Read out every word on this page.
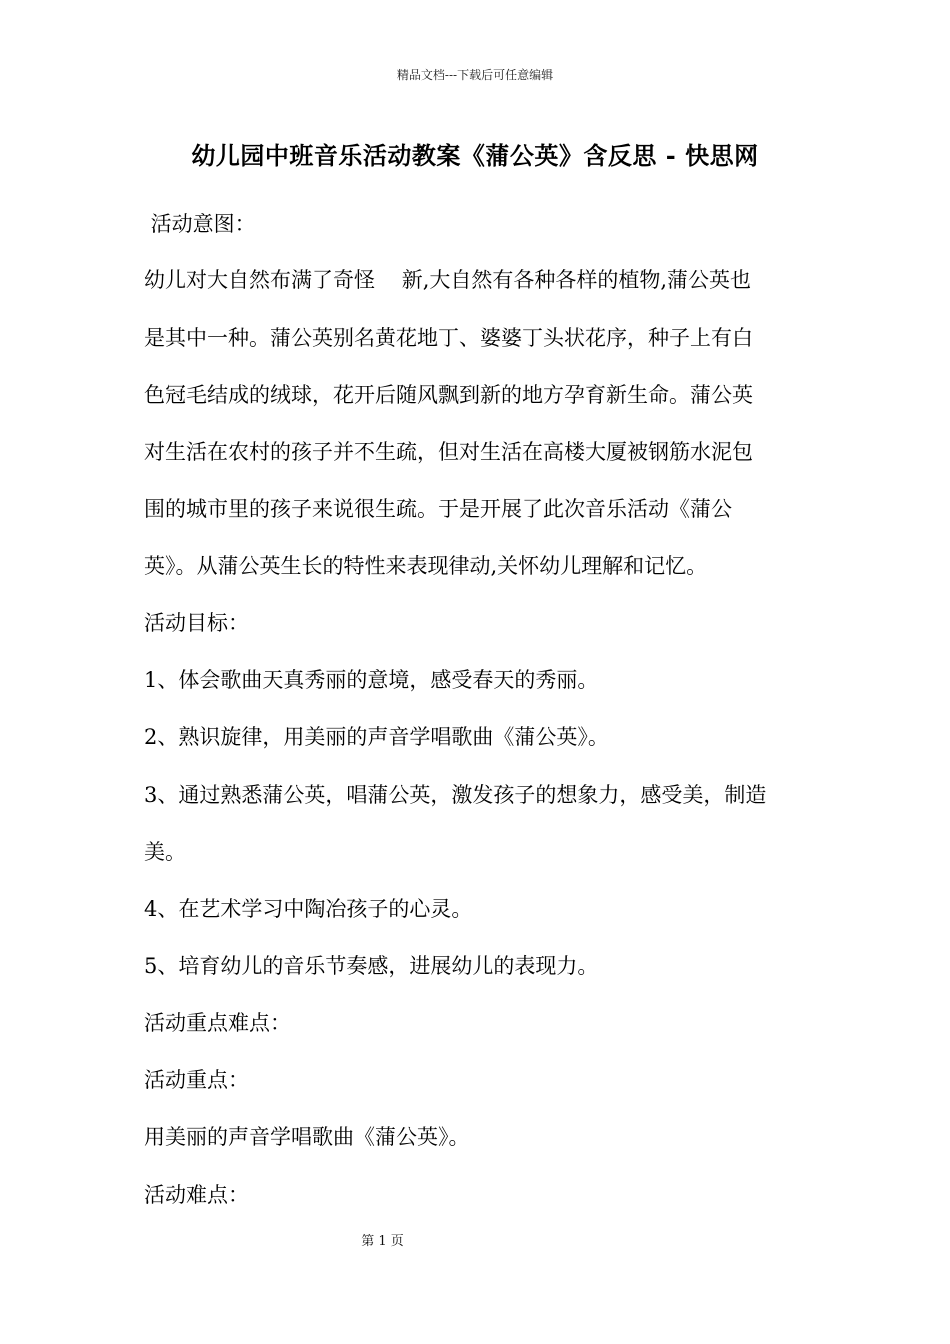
精品文档---下载后可任意编辑
幼儿园中班音乐活动教案《蒲公英》含反思 - 快思网
活动意图：
幼儿对大自然布满了奇怪    新,大自然有各种各样的植物,蒲公英也
是其中一种。蒲公英别名黄花地丁、婆婆丁头状花序，种子上有白
色冠毛结成的绒球，花开后随风飘到新的地方孕育新生命。蒲公英
对生活在农村的孩子并不生疏，但对生活在高楼大厦被钢筋水泥包
围的城市里的孩子来说很生疏。于是开展了此次音乐活动《蒲公
英》。从蒲公英生长的特性来表现律动,关怀幼儿理解和记忆。
活动目标：
1、体会歌曲天真秀丽的意境，感受春天的秀丽。
2、熟识旋律，用美丽的声音学唱歌曲《蒲公英》。
3、通过熟悉蒲公英，唱蒲公英，激发孩子的想象力，感受美，制造
美。
4、在艺术学习中陶冶孩子的心灵。
5、培育幼儿的音乐节奏感，进展幼儿的表现力。
活动重点难点：
活动重点：
用美丽的声音学唱歌曲《蒲公英》。
活动难点：
第 1 页
